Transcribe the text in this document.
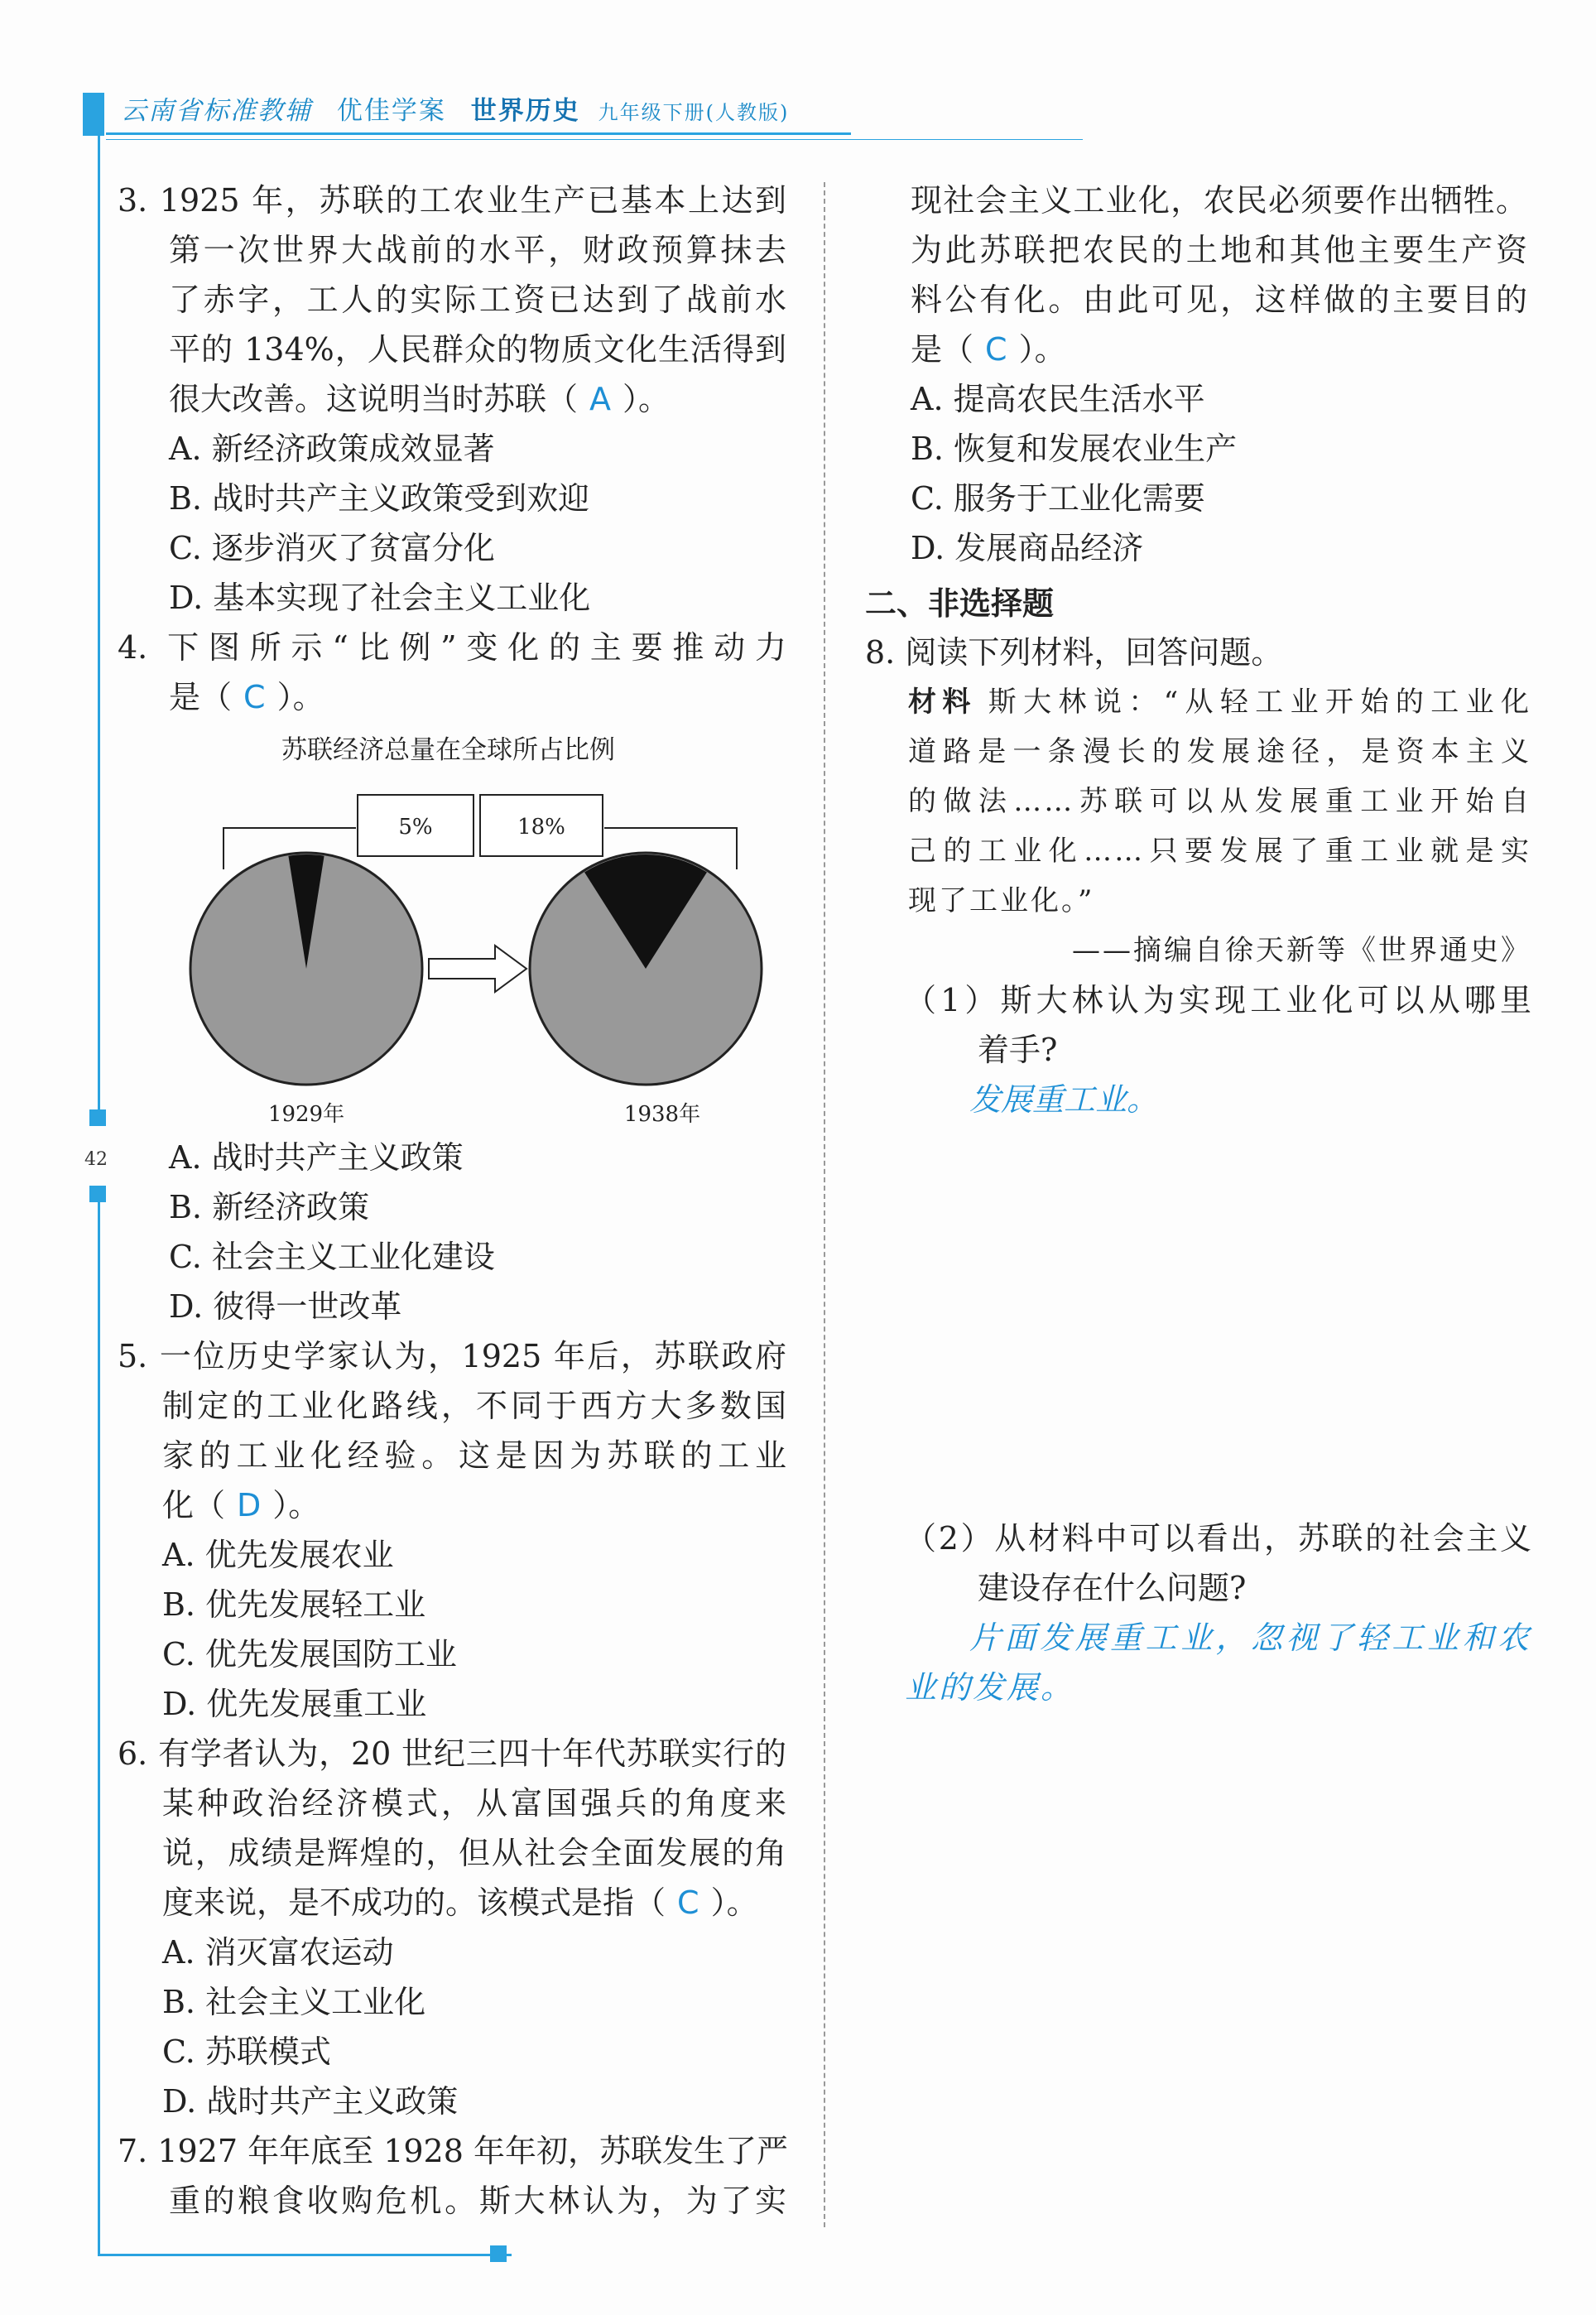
云南省标准教辅 优佳学案 世界历史 九年级下册(人教版)
42
3. 1925 年，苏联的工农业生产已基本上达到
第一次世界大战前的水平，财政预算抹去
了赤字，工人的实际工资已达到了战前水
平的 134%，人民群众的物质文化生活得到
很大改善。这说明当时苏联（ A ）。
A. 新经济政策成效显著
B. 战时共产主义政策受到欢迎
C. 逐步消灭了贫富分化
D. 基本实现了社会主义工业化
4. 下图所示“比例”变化的主要推动力
是（ C ）。
苏联经济总量在全球所占比例
5%	18%
1929年	1938年
A. 战时共产主义政策
B. 新经济政策
C. 社会主义工业化建设
D. 彼得一世改革
5. 一位历史学家认为，1925 年后，苏联政府
制定的工业化路线，不同于西方大多数国
家的工业化经验。这是因为苏联的工业
化（ D ）。
A. 优先发展农业
B. 优先发展轻工业
C. 优先发展国防工业
D. 优先发展重工业
6. 有学者认为，20 世纪三四十年代苏联实行的
某种政治经济模式，从富国强兵的角度来
说，成绩是辉煌的，但从社会全面发展的角
度来说，是不成功的。该模式是指（ C ）。
A. 消灭富农运动
B. 社会主义工业化
C. 苏联模式
D. 战时共产主义政策
7. 1927 年年底至 1928 年年初，苏联发生了严
重的粮食收购危机。斯大林认为，为了实
现社会主义工业化，农民必须要作出牺牲。
为此苏联把农民的土地和其他主要生产资
料公有化。由此可见，这样做的主要目的
是（ C ）。
A. 提高农民生活水平
B. 恢复和发展农业生产
C. 服务于工业化需要
D. 发展商品经济
二、非选择题
8. 阅读下列材料，回答问题。
材料 斯大林说：“从轻工业开始的工业化
道路是一条漫长的发展途径，是资本主义
的做法……苏联可以从发展重工业开始自
己的工业化……只要发展了重工业就是实
现了工业化。”
——摘编自徐天新等《世界通史》
（1）斯大林认为实现工业化可以从哪里
着手?
发展重工业。
（2）从材料中可以看出，苏联的社会主义
建设存在什么问题?
片面发展重工业，忽视了轻工业和农
业的发展。
